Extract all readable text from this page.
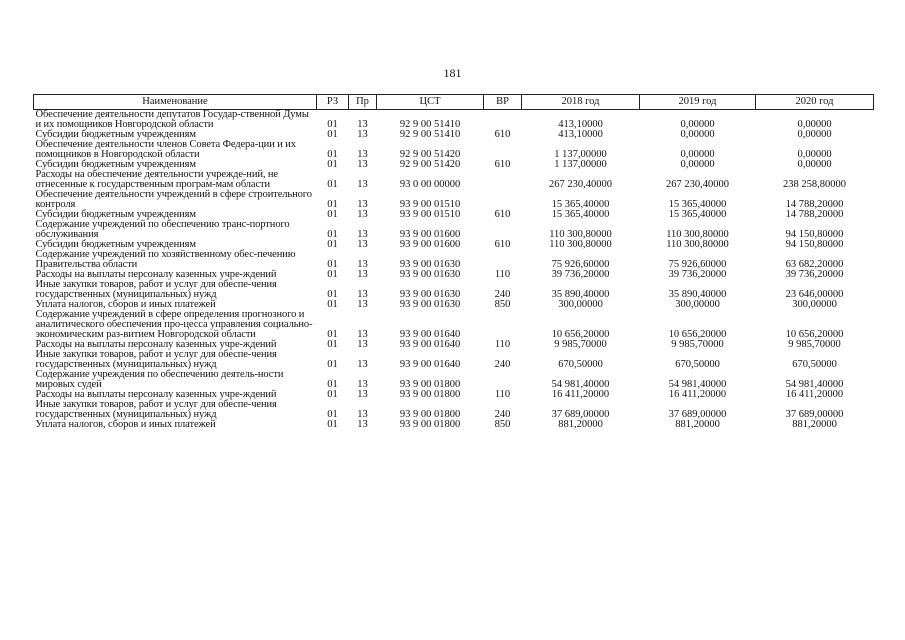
181
Наименование	РЗ	Пр	ЦСТ	ВР	2018 год	2019 год	2020 год
Обеспечение деятельности депутатов Государ-ственной Думы и их помощников Новгородской области	01	13	92 9 00 51410		413,10000	0,00000	0,00000
Субсидии бюджетным учреждениям	01	13	92 9 00 51410	610	413,10000	0,00000	0,00000
Обеспечение деятельности членов Совета Федера-ции и их помощников в Новгородской области	01	13	92 9 00 51420		1 137,00000	0,00000	0,00000
Субсидии бюджетным учреждениям	01	13	92 9 00 51420	610	1 137,00000	0,00000	0,00000
Расходы на обеспечение деятельности учрежде-ний, не отнесенные к государственным програм-мам области	01	13	93 0 00 00000		267 230,40000	267 230,40000	238 258,80000
Обеспечение деятельности учреждений в сфере строительного контроля	01	13	93 9 00 01510		15 365,40000	15 365,40000	14 788,20000
Субсидии бюджетным учреждениям	01	13	93 9 00 01510	610	15 365,40000	15 365,40000	14 788,20000
Содержание учреждений по обеспечению транс-портного обслуживания	01	13	93 9 00 01600		110 300,80000	110 300,80000	94 150,80000
Субсидии бюджетным учреждениям	01	13	93 9 00 01600	610	110 300,80000	110 300,80000	94 150,80000
Содержание учреждений по хозяйственному обес-печению Правительства области	01	13	93 9 00 01630		75 926,60000	75 926,60000	63 682,20000
Расходы на выплаты персоналу казенных учре-ждений	01	13	93 9 00 01630	110	39 736,20000	39 736,20000	39 736,20000
Иные закупки товаров, работ и услуг для обеспе-чения государственных (муниципальных) нужд	01	13	93 9 00 01630	240	35 890,40000	35 890,40000	23 646,00000
Уплата налогов, сборов и иных платежей	01	13	93 9 00 01630	850	300,00000	300,00000	300,00000
Содержание учреждений в сфере определения прогнозного и аналитического обеспечения про-цесса управления социально-экономическим раз-витием Новгородской области	01	13	93 9 00 01640		10 656,20000	10 656,20000	10 656,20000
Расходы на выплаты персоналу казенных учре-ждений	01	13	93 9 00 01640	110	9 985,70000	9 985,70000	9 985,70000
Иные закупки товаров, работ и услуг для обеспе-чения государственных (муниципальных) нужд	01	13	93 9 00 01640	240	670,50000	670,50000	670,50000
Содержание учреждения по обеспечению деятель-ности мировых судей	01	13	93 9 00 01800		54 981,40000	54 981,40000	54 981,40000
Расходы на выплаты персоналу казенных учре-ждений	01	13	93 9 00 01800	110	16 411,20000	16 411,20000	16 411,20000
Иные закупки товаров, работ и услуг для обеспе-чения государственных (муниципальных) нужд	01	13	93 9 00 01800	240	37 689,00000	37 689,00000	37 689,00000
Уплата налогов, сборов и иных платежей	01	13	93 9 00 01800	850	881,20000	881,20000	881,20000
